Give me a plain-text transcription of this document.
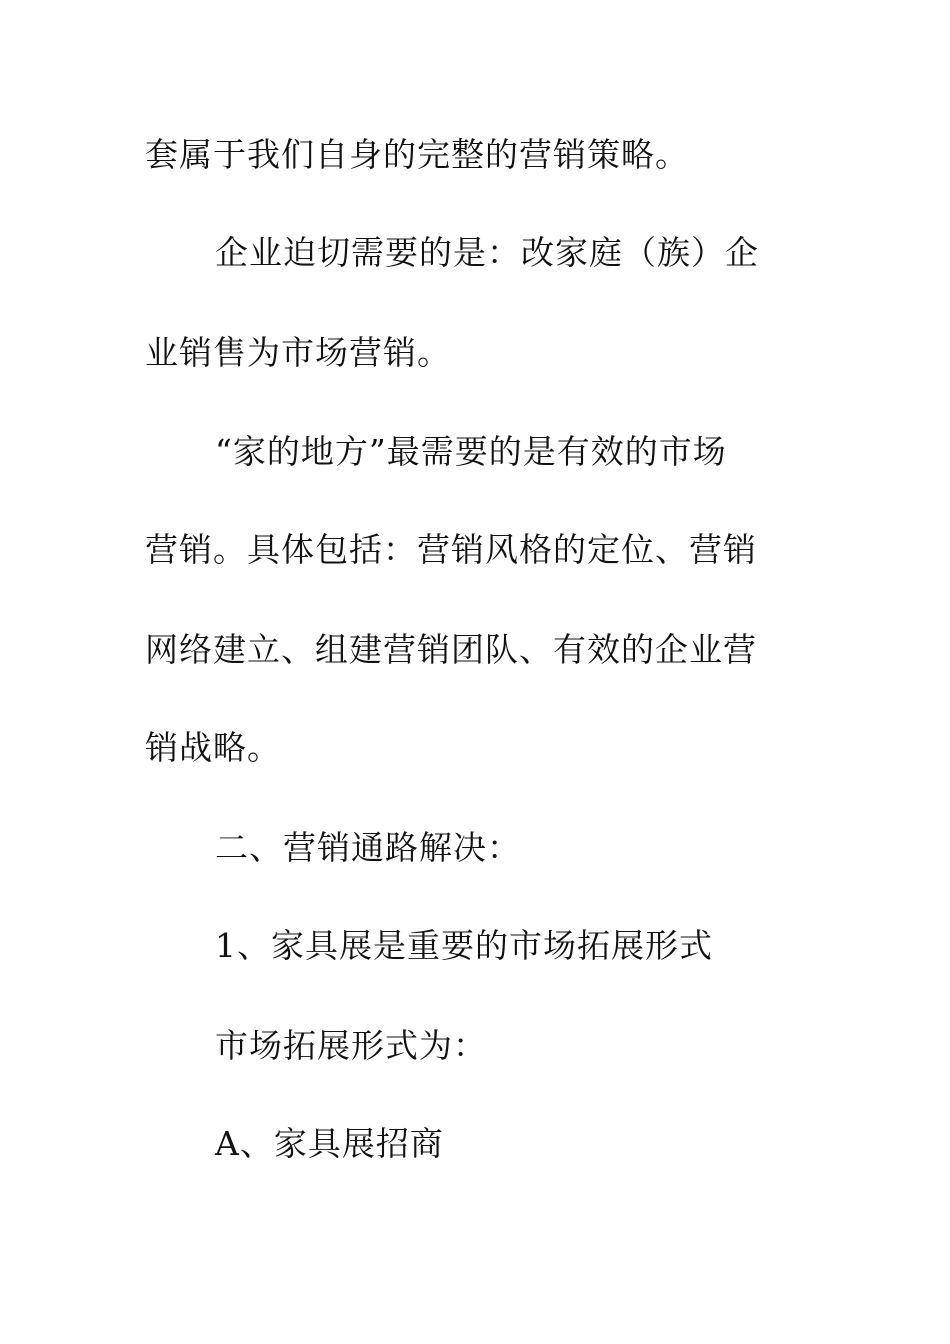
套属于我们自身的完整的营销策略。

企业迫切需要的是：改家庭（族）企

业销售为市场营销。

“家的地方”最需要的是有效的市场

营销。具体包括：营销风格的定位、营销

网络建立、组建营销团队、有效的企业营

销战略。

二、营销通路解决：

1、家具展是重要的市场拓展形式

市场拓展形式为：

A、家具展招商
